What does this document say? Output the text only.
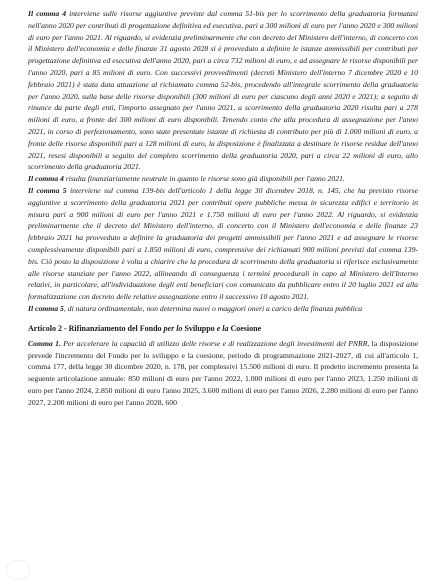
Il comma 4 interviene sulle risorse aggiuntive previste dal comma 51-bis per lo scorrimento della graduatoria formatasi nell'anno 2020 per contributi di progettazione definitiva ed esecutiva, pari a 300 milioni di euro per l'anno 2020 e 300 milioni di euro per l'anno 2021. Al riguardo, si evidenzia preliminarmente che con decreto del Ministero dell'interno, di concerto con il Ministero dell'economia e delle finanze 31 agosto 2028 si è provveduto a definire le istanze ammissibili per contributi per progettazione definitiva ed esecutiva dell'anno 2020, pari a circa 732 milioni di euro, e ad assegnare le risorse disponibili per l'anno 2020, pari a 85 milioni di euro. Con successivi provvedimenti (decreti Ministero dell'interno 7 dicembre 2020 e 10 febbraio 2021) è stata data attuazione al richiamato comma 52-bis, procedendo all'integrale scorrimento della graduatoria per l'anno 2020, sulla base delle risorse disponibili (300 milioni di euro per ciascuno degli anni 2020 e 2021); a seguito di rinunce da parte degli enti, l'importo assegnato per l'anno 2021, a scorrimento della graduatoria 2020 risulta pari a 278 milioni di euro, a fronte dei 300 milioni di euro disponibili. Tenendo conto che alla procedura di assegnazione per l'anno 2021, in corso di perfezionamento, sono state presentate istanze di richiesta di contributo per più di 1.000 milioni di euro, a fronte delle risorse disponibili pari a 128 milioni di euro, la disposizione è finalizzata a destinare le risorse residue dell'anno 2021, resesi disponibili a seguito del completo scorrimento della graduatoria 2020, pari a circa 22 milioni di euro, allo scorrimento della graduatoria 2021.

Il comma 4 risulta finanziariamente neutrale in quanto le risorse sono già disponibili per l'anno 2021.

Il comma 5 interviene sul comma 139-bis dell'articolo 1 della legge 30 dicembre 2018, n. 145, che ha previsto risorse aggiuntive a scorrimento della graduatoria 2021 per contributi opere pubbliche messa in sicurezza edifici e territorio in misura pari a 900 milioni di euro per l'anno 2021 e 1.750 milioni di euro per l'anno 2022. Al riguardo, si evidenzia preliminarmente che il decreto del Ministero dell'interno, di concerto con il Ministero dell'economia e delle finanze 23 febbraio 2021 ha provveduto a definire la graduatoria dei progetti ammissibili per l'anno 2021 e ad assegnare le risorse complessivamente disponibili pari a 1.850 milioni di euro, comprensive dei richiamati 900 milioni previsti dal comma 139-bis. Ciò posto la disposizione è volta a chiarire che la procedura di scorrimento della graduatoria si riferisce esclusivamente alle risorse stanziate per l'anno 2022, allineando di conseguenza i termini procedurali in capo al Ministero dell'Interno relativi, in particolare, all'individuazione degli enti beneficiari con comunicato da pubblicare entro il 20 luglio 2021 ed alla formalizzazione con decreto delle relative assegnazione entro il successivo 10 agosto 2021.

Il comma 5, di natura ordinamentale, non determina nuovi o maggiori oneri a carico della finanza pubblica

Articolo 2 - Rifinanziamento del Fondo per lo Sviluppo e la Coesione

Comma 1. Per accelerare la capacità di utilizzo delle risorse e di realizzazione degli investimenti del PNRR, la disposizione prevede l'incremento del Fondo per lo sviluppo e la coesione, periodo di programmazione 2021-2027, di cui all'articolo 1, comma 177, della legge 30 dicembre 2020, n. 178, per complessivi 15.500 milioni di euro. Il predetto incremento presenta la seguente articolazione annuale: 850 milioni di euro per l'anno 2022, 1.000 milioni di euro per l'anno 2023, 1.250 milioni di euro per l'anno 2024, 2.850 milioni di euro l'anno 2025, 3.600 milioni di euro per l'anno 2026, 2.280 milioni di euro per l'anno 2027, 2.200 milioni di euro per l'anno 2028, 600
